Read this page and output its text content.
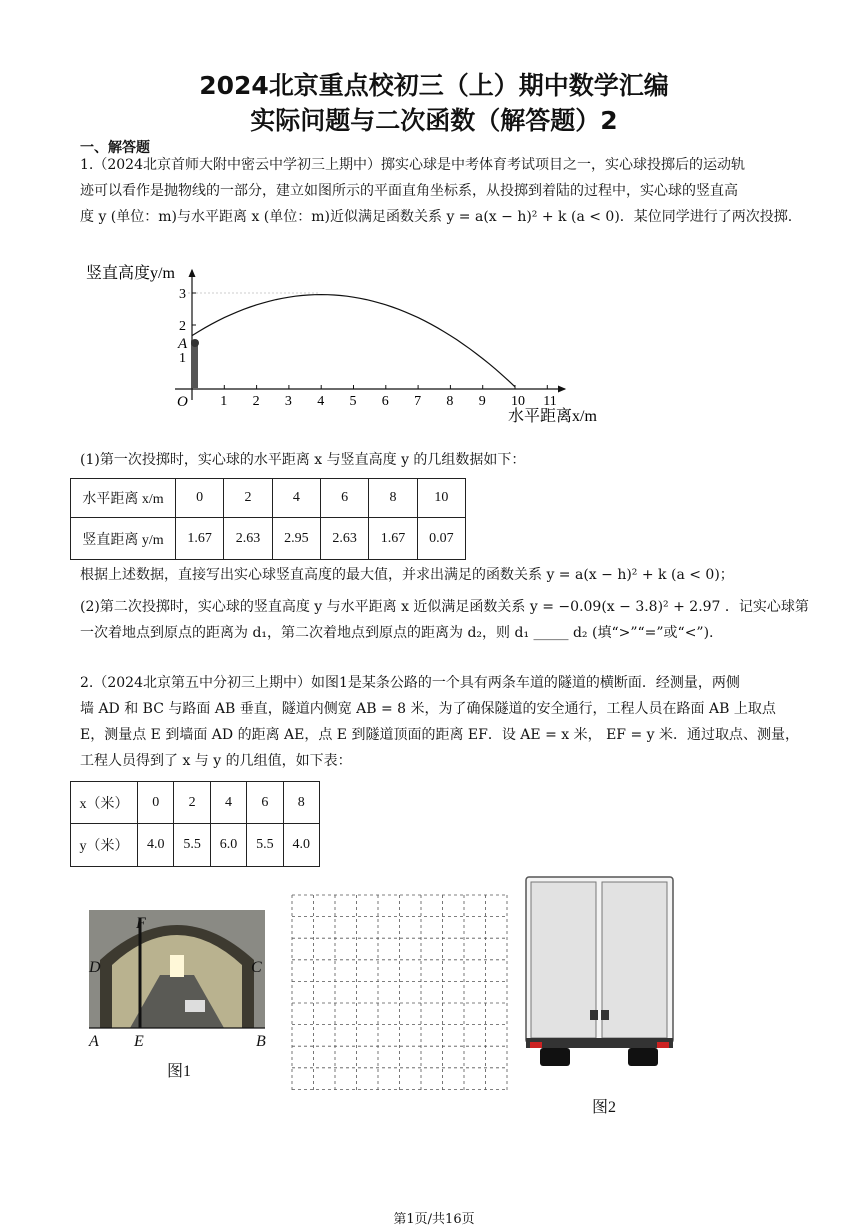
2024北京重点校初三（上）期中数学汇编
实际问题与二次函数（解答题）2
一、解答题
1.（2024北京首师大附中密云中学初三上期中）掷实心球是中考体育考试项目之一，实心球投掷后的运动轨
迹可以看作是抛物线的一部分，建立如图所示的平面直角坐标系，从投掷到着陆的过程中，实心球的竖直高
度 y (单位：m)与水平距离 x (单位：m)近似满足函数关系 y = a(x − h)² + k (a < 0)．某位同学进行了两次投掷.
1 2 3 4 5 6 7 8 9 10 11
1
2
3
竖直高度y/m
水平距离x/m
O
A
(1)第一次投掷时，实心球的水平距离 x 与竖直高度 y 的几组数据如下：
水平距离 x/m	0	2	4	6	8	10
竖直距离 y/m	1.67	2.63	2.95	2.63	1.67	0.07
根据上述数据，直接写出实心球竖直高度的最大值，并求出满足的函数关系 y = a(x − h)² + k (a < 0)；
(2)第二次投掷时，实心球的竖直高度 y 与水平距离 x 近似满足函数关系 y = −0.09(x − 3.8)² + 2.97 ．记实心球第
一次着地点到原点的距离为 d₁，第二次着地点到原点的距离为 d₂，则 d₁ _____ d₂ (填“>”“=”或“<”).
2.（2024北京第五中分初三上期中）如图1是某条公路的一个具有两条车道的隧道的横断面．经测量，两侧
墙 AD 和 BC 与路面 AB 垂直，隧道内侧宽 AB = 8 米，为了确保隧道的安全通行，工程人员在路面 AB 上取点
E，测量点 E 到墙面 AD 的距离 AE，点 E 到隧道顶面的距离 EF．设 AE = x 米， EF = y 米．通过取点、测量，
工程人员得到了 x 与 y 的几组值，如下表：
x（米）	0	2	4	6	8
y（米）	4.0	5.5	6.0	5.5	4.0
F
D	C
A E	B
图1
图2
第1页/共16页
